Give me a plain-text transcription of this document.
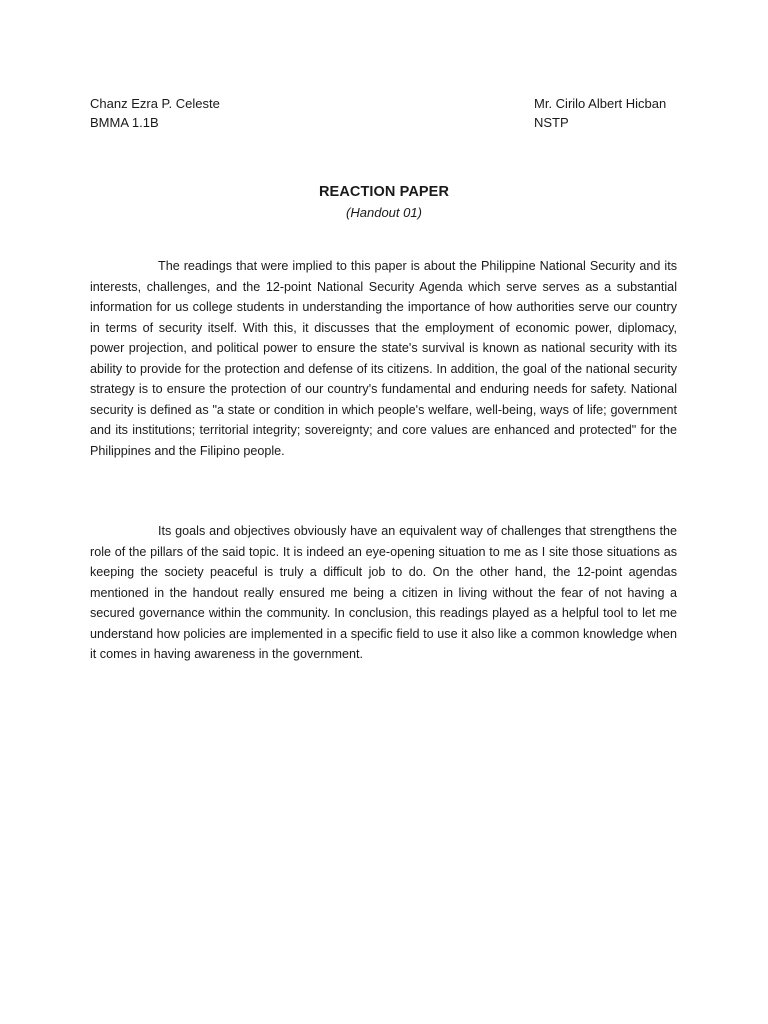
Chanz Ezra P. Celeste
BMMA 1.1B
Mr. Cirilo Albert Hicban
NSTP
REACTION PAPER
(Handout 01)

The readings that were implied to this paper is about the Philippine National Security and its interests, challenges, and the 12-point National Security Agenda which serve serves as a substantial information for us college students in understanding the importance of how authorities serve our country in terms of security itself. With this, it discusses that the employment of economic power, diplomacy, power projection, and political power to ensure the state's survival is known as national security with its ability to provide for the protection and defense of its citizens. In addition, the goal of the national security strategy is to ensure the protection of our country's fundamental and enduring needs for safety. National security is defined as "a state or condition in which people's welfare, well-being, ways of life; government and its institutions; territorial integrity; sovereignty; and core values are enhanced and protected" for the Philippines and the Filipino people.

Its goals and objectives obviously have an equivalent way of challenges that strengthens the role of the pillars of the said topic. It is indeed an eye-opening situation to me as I site those situations as keeping the society peaceful is truly a difficult job to do. On the other hand, the 12-point agendas mentioned in the handout really ensured me being a citizen in living without the fear of not having a secured governance within the community. In conclusion, this readings played as a helpful tool to let me understand how policies are implemented in a specific field to use it also like a common knowledge when it comes in having awareness in the government.
